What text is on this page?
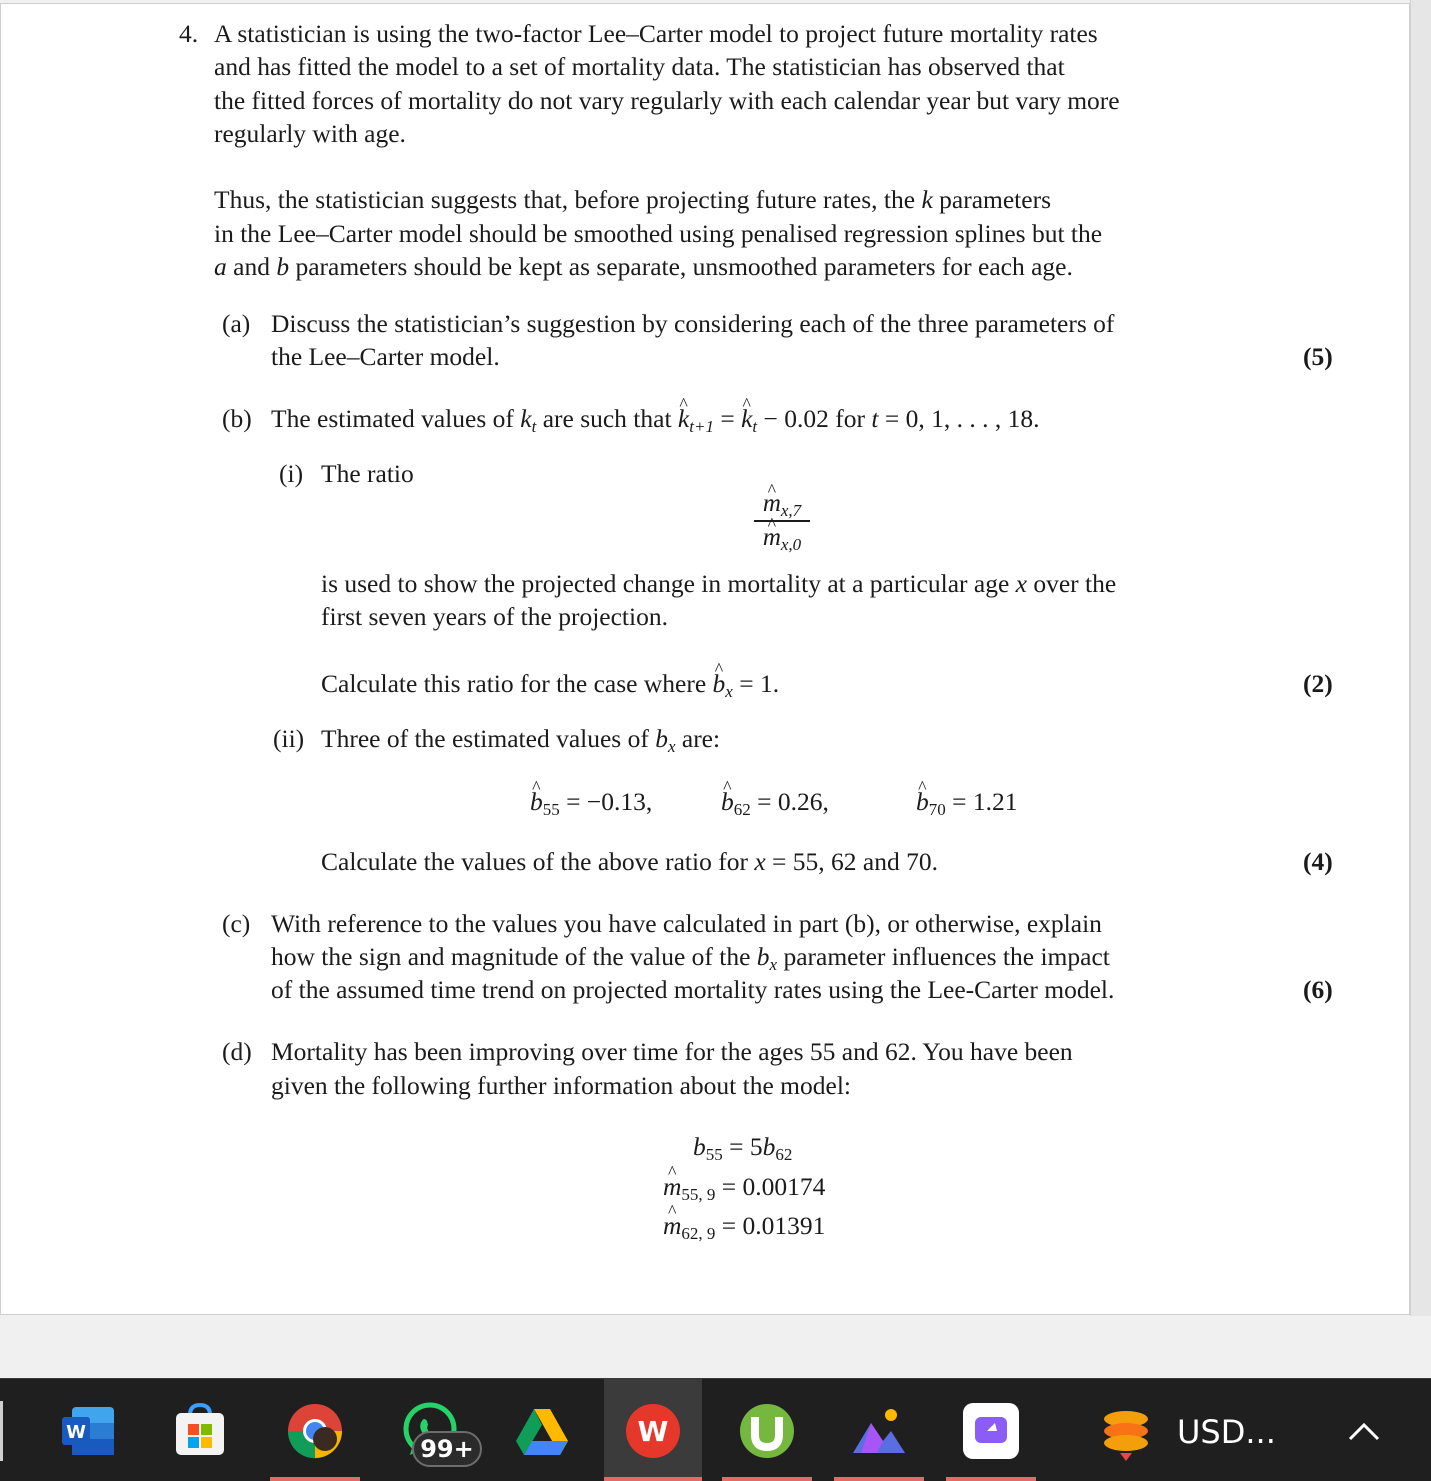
4. A statistician is using the two-factor Lee–Carter model to project future mortality rates
and has fitted the model to a set of mortality data. The statistician has observed that
the fitted forces of mortality do not vary regularly with each calendar year but vary more
regularly with age.
Thus, the statistician suggests that, before projecting future rates, the k parameters
in the Lee–Carter model should be smoothed using penalised regression splines but the
a and b parameters should be kept as separate, unsmoothed parameters for each age.
(a) Discuss the statistician’s suggestion by considering each of the three parameters of
the Lee–Carter model.	(5)
(b) The estimated values of $k_t$ are such that ^ $k_{t+1}$ = ^ $k_t - 0.02$ for t = 0, 1, . . . , 18.
(i) The ratio
^ $m_{x,7}$
^ $m_{x,0}$
is used to show the projected change in mortality at a particular age x over the
first seven years of the projection.
Calculate this ratio for the case where ^ $b_x = 1$.	(2)
(ii) Three of the estimated values of $b_x$ are:
^ $b_{55} = -0.13$,	^ $b_{62} = 0.26$,	^ $b_{70} = 1.21$
Calculate the values of the above ratio for x = 55, 62 and 70.	(4)
(c) With reference to the values you have calculated in part (b), or otherwise, explain
how the sign and magnitude of the value of the $b_x$ parameter influences the impact
of the assumed time trend on projected mortality rates using the Lee-Carter model.	(6)
(d) Mortality has been improving over time for the ages 55 and 62. You have been
given the following further information about the model:
$b_{55} = 5b_{62}$
^ $m_{55, 9} = 0.00174$
^ $m_{62, 9} = 0.01391$
W	W
99+	USD...
